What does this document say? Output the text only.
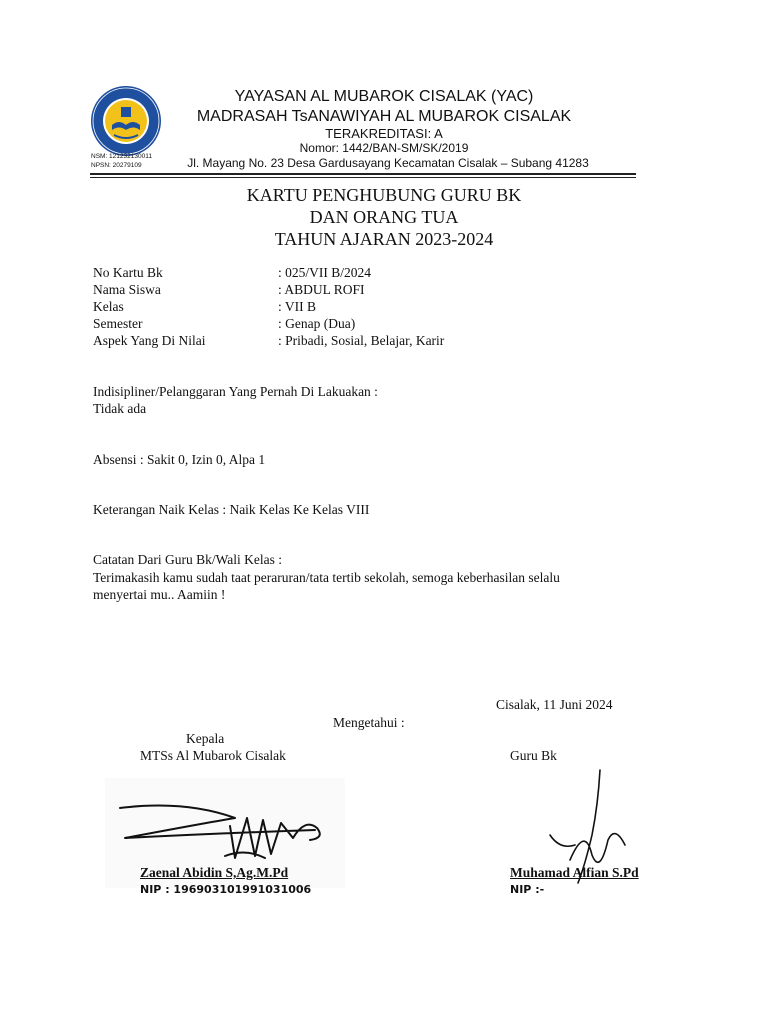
NSM: 121232130011
NPSN: 20279109
YAYASAN AL MUBAROK CISALAK (YAC)
MADRASAH TsANAWIYAH AL MUBAROK CISALAK
TERAKREDITASI: A
Nomor: 1442/BAN-SM/SK/2019
Jl. Mayang No. 23 Desa Gardusayang Kecamatan Cisalak – Subang 41283
KARTU PENGHUBUNG GURU BK
DAN ORANG TUA
TAHUN AJARAN 2023-2024
No Kartu Bk	: 025/VII B/2024
Nama Siswa	: ABDUL ROFI
Kelas	: VII B
Semester	: Genap (Dua)
Aspek Yang Di Nilai	: Pribadi, Sosial, Belajar, Karir
Indisipliner/Pelanggaran Yang Pernah Di Lakuakan :
Tidak ada
Absensi : Sakit 0, Izin 0, Alpa 1
Keterangan Naik Kelas : Naik Kelas Ke Kelas VIII
Catatan Dari Guru Bk/Wali Kelas :
Terimakasih kamu sudah taat peraruran/tata tertib sekolah, semoga keberhasilan selalu
menyertai mu.. Aamiin !
Cisalak, 11 Juni 2024
Mengetahui :
Kepala
MTSs Al Mubarok Cisalak	Guru Bk
Zaenal Abidin S,Ag.M.Pd
NIP : 196903101991031006
Muhamad Alfian S.Pd
NIP :-
